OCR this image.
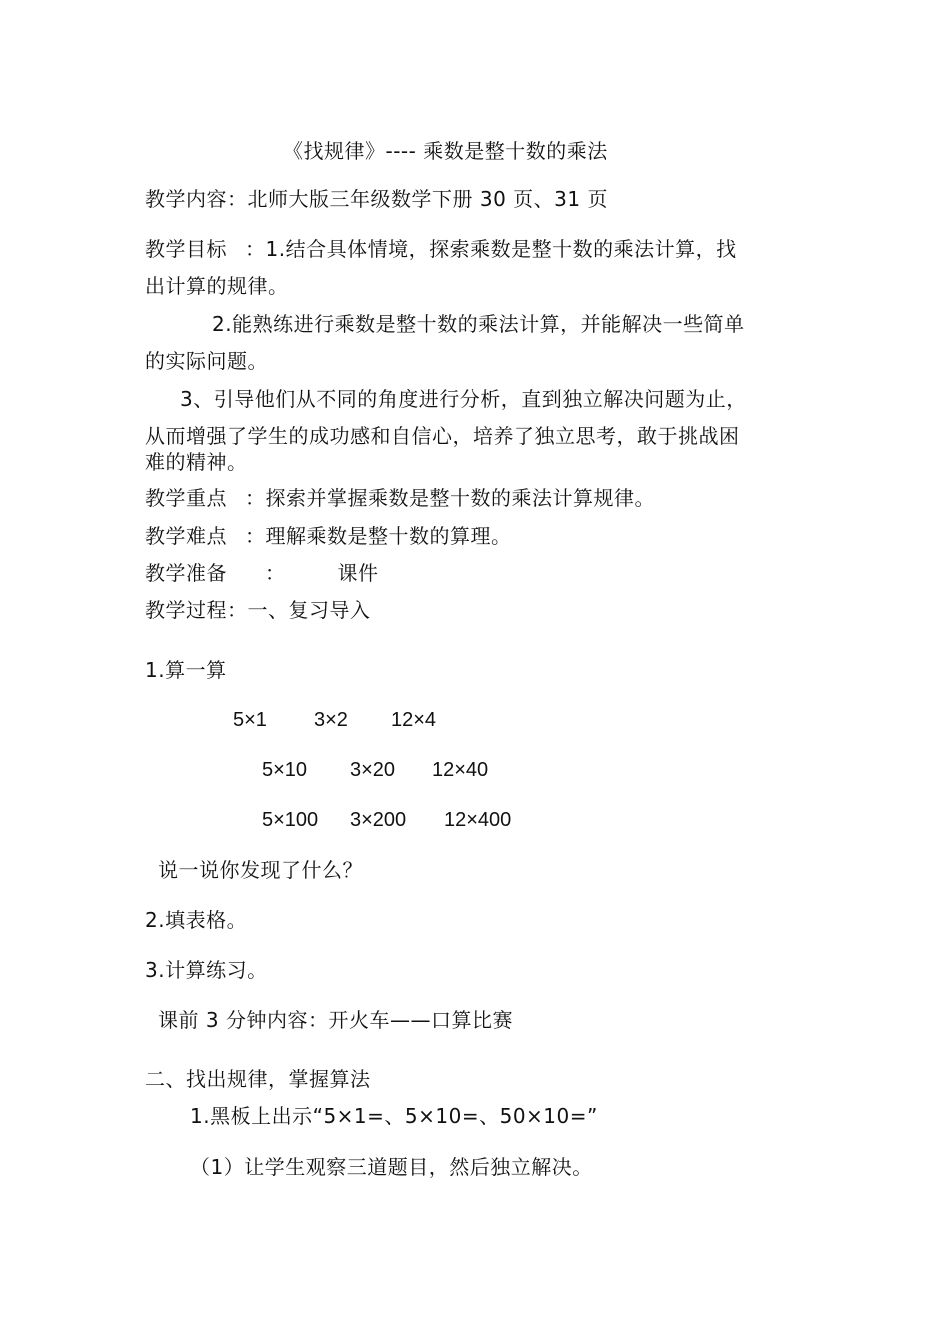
《找规律》---- 乘数是整十数的乘法
教学内容：北师大版三年级数学下册 30 页、31 页
教学目标 ：1.结合具体情境，探索乘数是整十数的乘法计算，找
出计算的规律。
2.能熟练进行乘数是整十数的乘法计算，并能解决一些简单
的实际问题。
3、引导他们从不同的角度进行分析，直到独立解决问题为止，
从而增强了学生的成功感和自信心，培养了独立思考，敢于挑战困
难的精神。
教学重点 ：探索并掌握乘数是整十数的乘法计算规律。
教学难点 ：理解乘数是整十数的算理。
教学准备 ：	课件
教学过程：一、复习导入
1.算一算
5×1 3×2 12×4
5×10 3×20 12×40
5×100 3×200 12×400
说一说你发现了什么？
2.填表格。
3.计算练习。
课前 3 分钟内容：开火车——口算比赛
二、找出规律，掌握算法
1.黑板上出示“5×1=、5×10=、50×10=”
（1）让学生观察三道题目，然后独立解决。
